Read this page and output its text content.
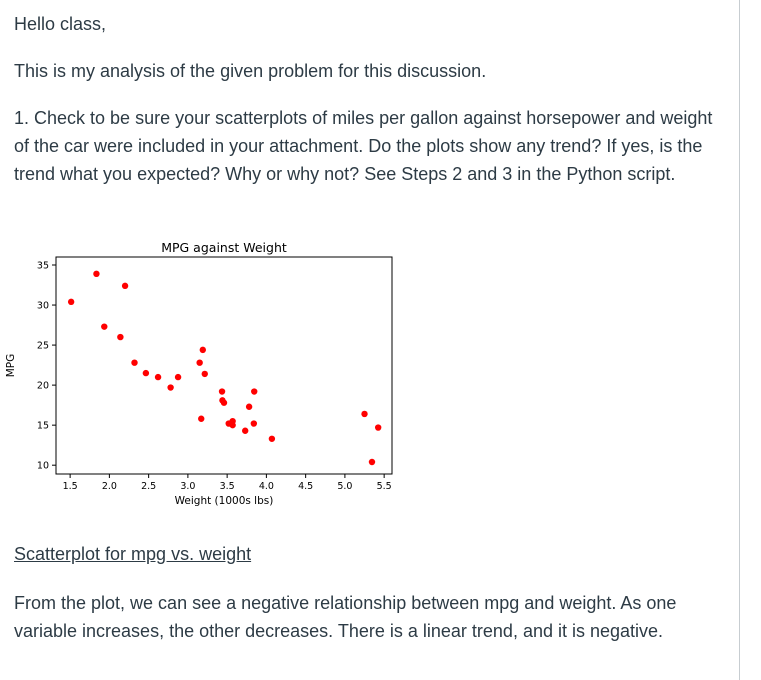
Hello class,

This is my analysis of the given problem for this discussion.

1. Check to be sure your scatterplots of miles per gallon against horsepower and weight of the car were included in your attachment. Do the plots show any trend? If yes, is the trend what you expected? Why or why not? See Steps 2 and 3 in the Python script.

MPG against Weight
Weight (1000s lbs)
MPG
1.5	2.0	2.5	3.0	3.5	4.0	4.5	5.0	5.5
10
15
20
25
30
35

Scatterplot for mpg vs. weight

From the plot, we can see a negative relationship between mpg and weight. As one variable increases, the other decreases. There is a linear trend, and it is negative.
